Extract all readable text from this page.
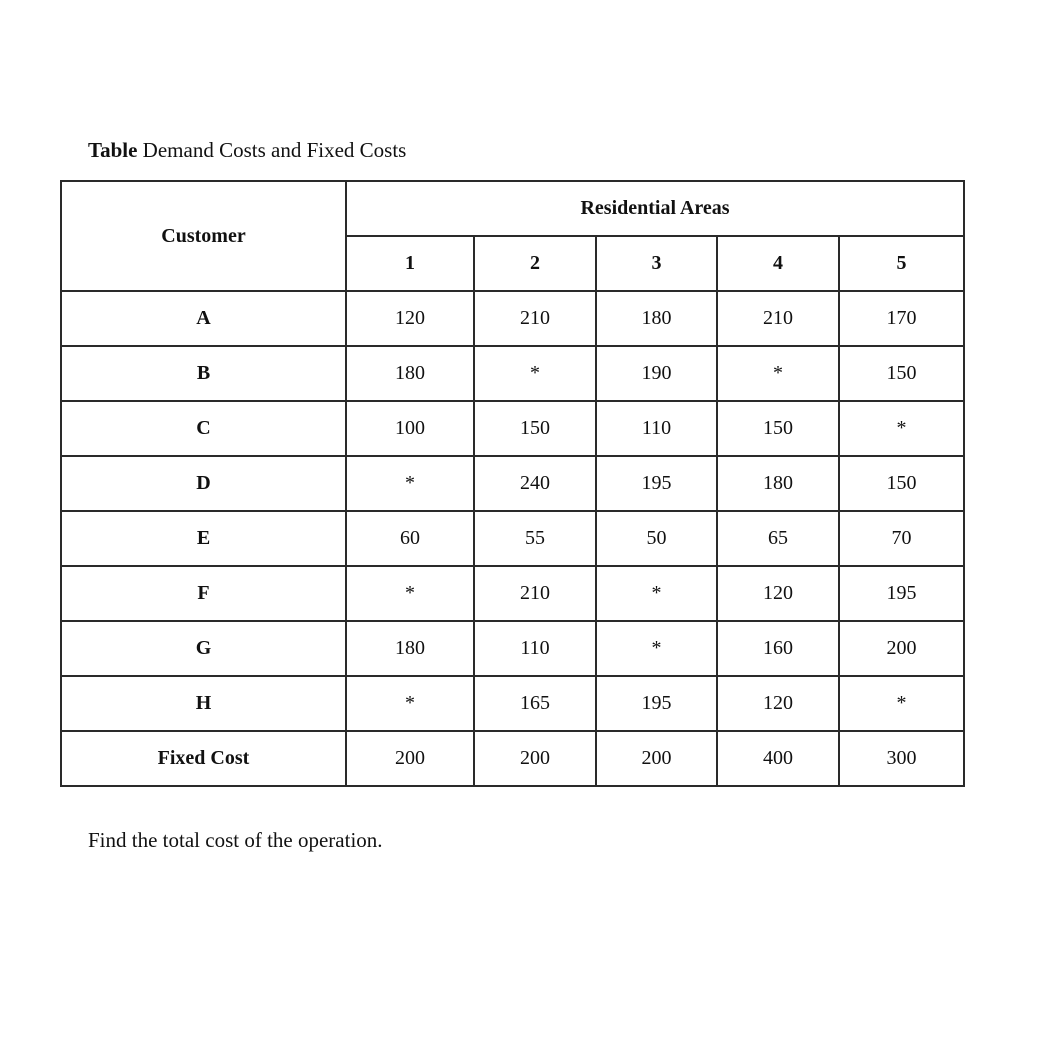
Table Demand Costs and Fixed Costs
Customer	Residential Areas				
	1	2	3	4	5
A	120	210	180	210	170
B	180	*	190	*	150
C	100	150	110	150	*
D	*	240	195	180	150
E	60	55	50	65	70
F	*	210	*	120	195
G	180	110	*	160	200
H	*	165	195	120	*
Fixed Cost	200	200	200	400	300
Find the total cost of the operation.
